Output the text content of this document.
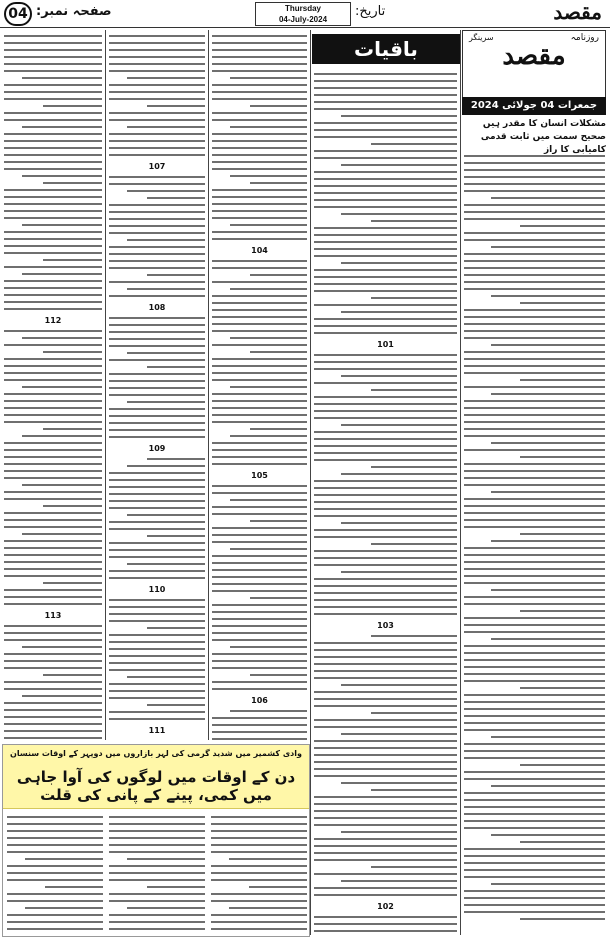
04 صفحہ نمبر:	Thursday
04-July-2024
تاریخ:	مقصد
112
113
107
108
109
110
111
104
105
106
101
103
102
روزنامہ
سرینگر
مقصد
جمعرات 04 جولائی 2024
مشکلات انسان کا مقدر ہیں صحیح سمت میں ثابت قدمی کامیابی کا راز
باقیات
وادی کشمیر میں شدید گرمی کی لہر بازاروں میں دوپہر کے اوقات سنسان
دن کے اوقات میں لوگوں کی آوا جاہی میں کمی، پینے کے پانی کی قلت
